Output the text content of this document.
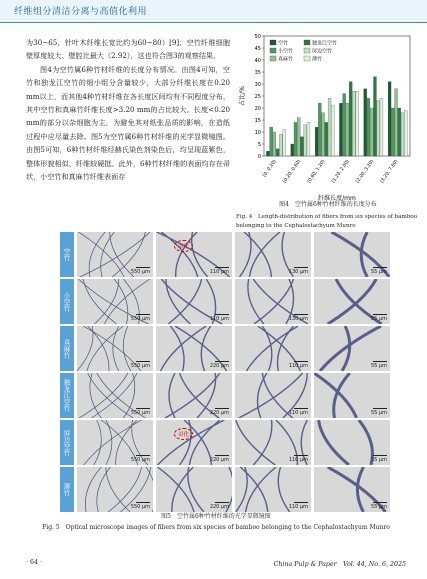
纤维组分清洁分离与高值化利用

为30~65，针叶木纤维长宽比约为60~80）[9]；空竹纤维细胞壁厚度较大、壁腔比最大（2.92），这也符合图3的观察结果。

图4为空竹属6种竹材纤维的长度分布情况。由图4可知，空竹和独龙江空竹的细小组分含量较少，大部分纤维长度在0.20 mm以上，而其他4种竹材纤维在各长度区间均有不同程度分布，其中空竹和真麻竹纤维长度>3.20 mm的占比较大。长度<0.20 mm的部分以杂细胞为主，为避免其对纸张品质的影响，在造纸过程中应尽量去除。图5为空竹属6种竹材纤维的光学显微镜图。由图5可知，6种竹材纤维经赫氏染色剂染色后，均呈现蓝紫色，整体形貌相似，纤维较硬挺。此外，6种竹材纤维的表面均存在帚状，小空竹和真麻竹纤维表面存

0
5
10
15
20
25
30
35
40
45
50
占比/%
[0, 0.20) [0.20, 0.60) [0.60, 1.20) [1.20, 2.00) [2.00, 3.20) [3.20, 7.60)
纤维长度/mm
空竹
小空竹
真麻竹
独龙江空竹
屏边空竹
薄竹
图4　空竹属6种竹材纤维的长度分布
Fig. 4　Length-distribution of fibers from six species of bamboo belonging to the Cephalostachyum Munro
空竹
550 μm
帚化
110 μm	130 μm	55 μm
小空竹
550 μm	110 μm	130 μm	55 μm
真麻竹
550 μm	220 μm	110 μm	55 μm
独龙江空竹
550 μm	220 μm	110 μm	55 μm
屏边空竹
550 μm
帚化
220 μm	110 μm	55 μm
薄竹
550 μm	220 μm	110 μm	55 μm
图5　空竹属6种竹材纤维的光学显微镜图
Fig. 5　Optical microscope images of fibers from six species of bamboo belonging to the Cephalostachyum Munro
· 64 ·	China Pulp & Paper　Vol. 44, No. 6, 2025
